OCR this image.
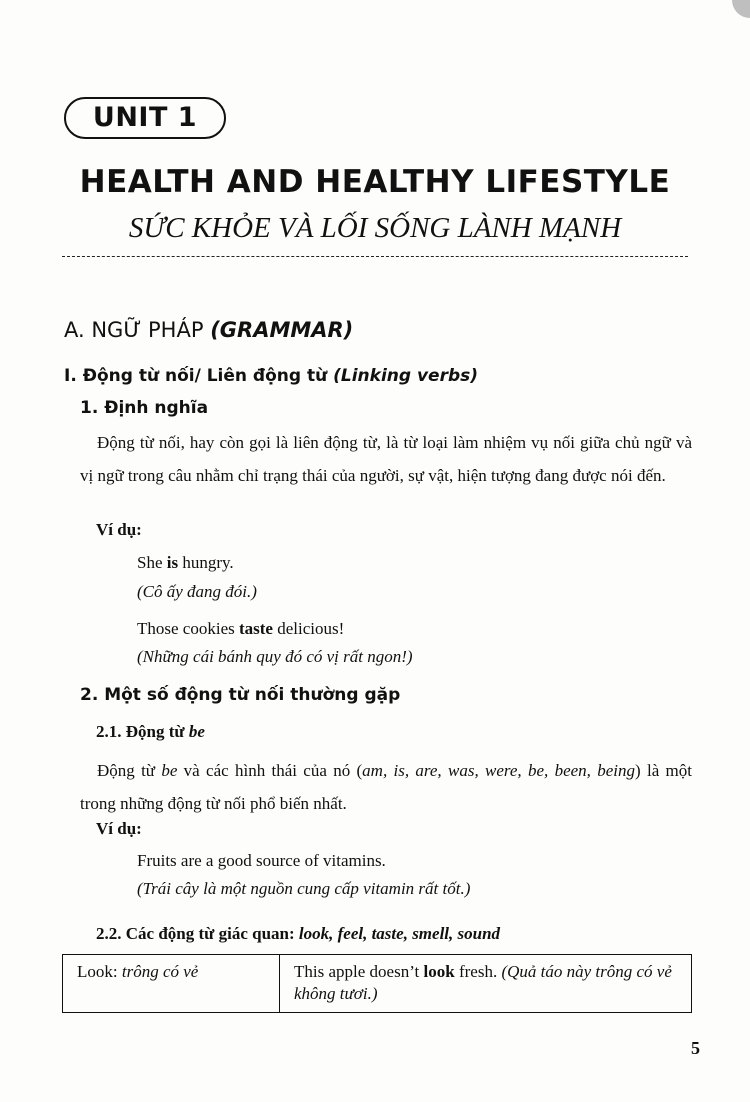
UNIT 1
HEALTH AND HEALTHY LIFESTYLE
SỨC KHỎE VÀ LỐI SỐNG LÀNH MẠNH
A. NGỮ PHÁP (GRAMMAR)
I. Động từ nối/ Liên động từ (Linking verbs)
1. Định nghĩa
Động từ nối, hay còn gọi là liên động từ, là từ loại làm nhiệm vụ nối giữa chủ ngữ và vị ngữ trong câu nhằm chỉ trạng thái của người, sự vật, hiện tượng đang được nói đến.
Ví dụ:
She is hungry.
(Cô ấy đang đói.)
Those cookies taste delicious!
(Những cái bánh quy đó có vị rất ngon!)
2. Một số động từ nối thường gặp
2.1. Động từ be
Động từ be và các hình thái của nó (am, is, are, was, were, be, been, being) là một trong những động từ nối phổ biến nhất.
Ví dụ:
Fruits are a good source of vitamins.
(Trái cây là một nguồn cung cấp vitamin rất tốt.)
2.2. Các động từ giác quan: look, feel, taste, smell, sound
Look: trông có vẻ	This apple doesn’t look fresh. (Quả táo này trông có vẻ không tươi.)
5
